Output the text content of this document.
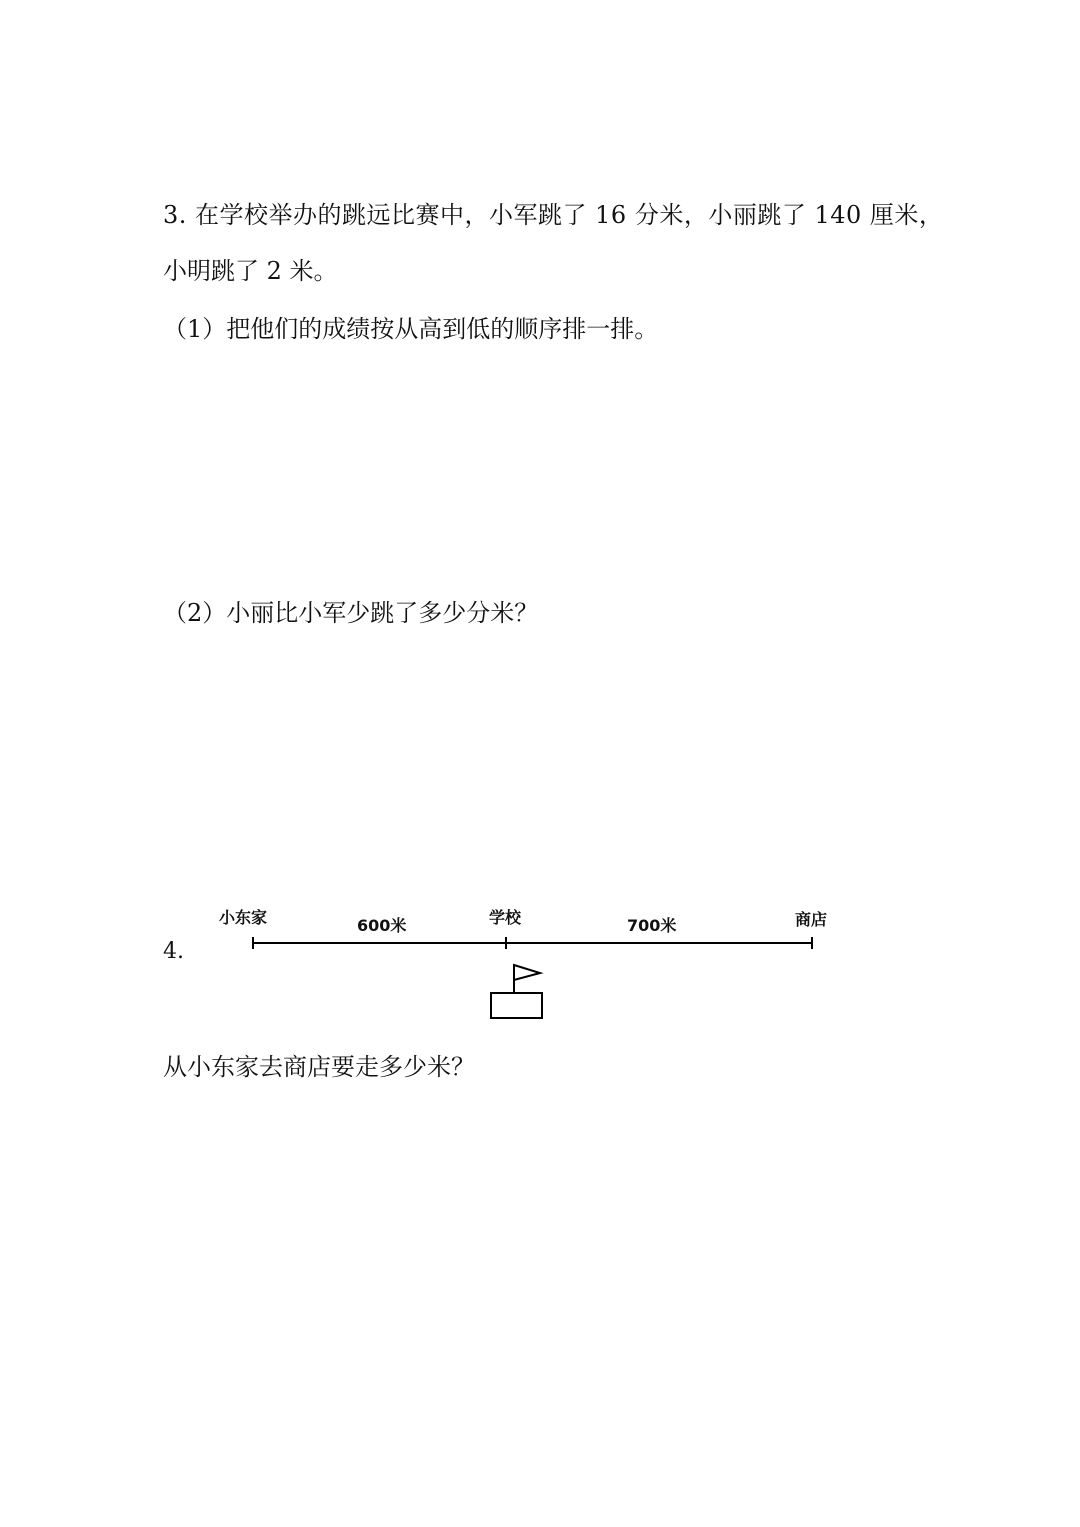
3. 在学校举办的跳远比赛中，小军跳了 16 分米，小丽跳了 140 厘米，
小明跳了 2 米。
（1）把他们的成绩按从高到低的顺序排一排。
（2）小丽比小军少跳了多少分米？
4.
小东家	600米	学校	700米	商店
从小东家去商店要走多少米？
